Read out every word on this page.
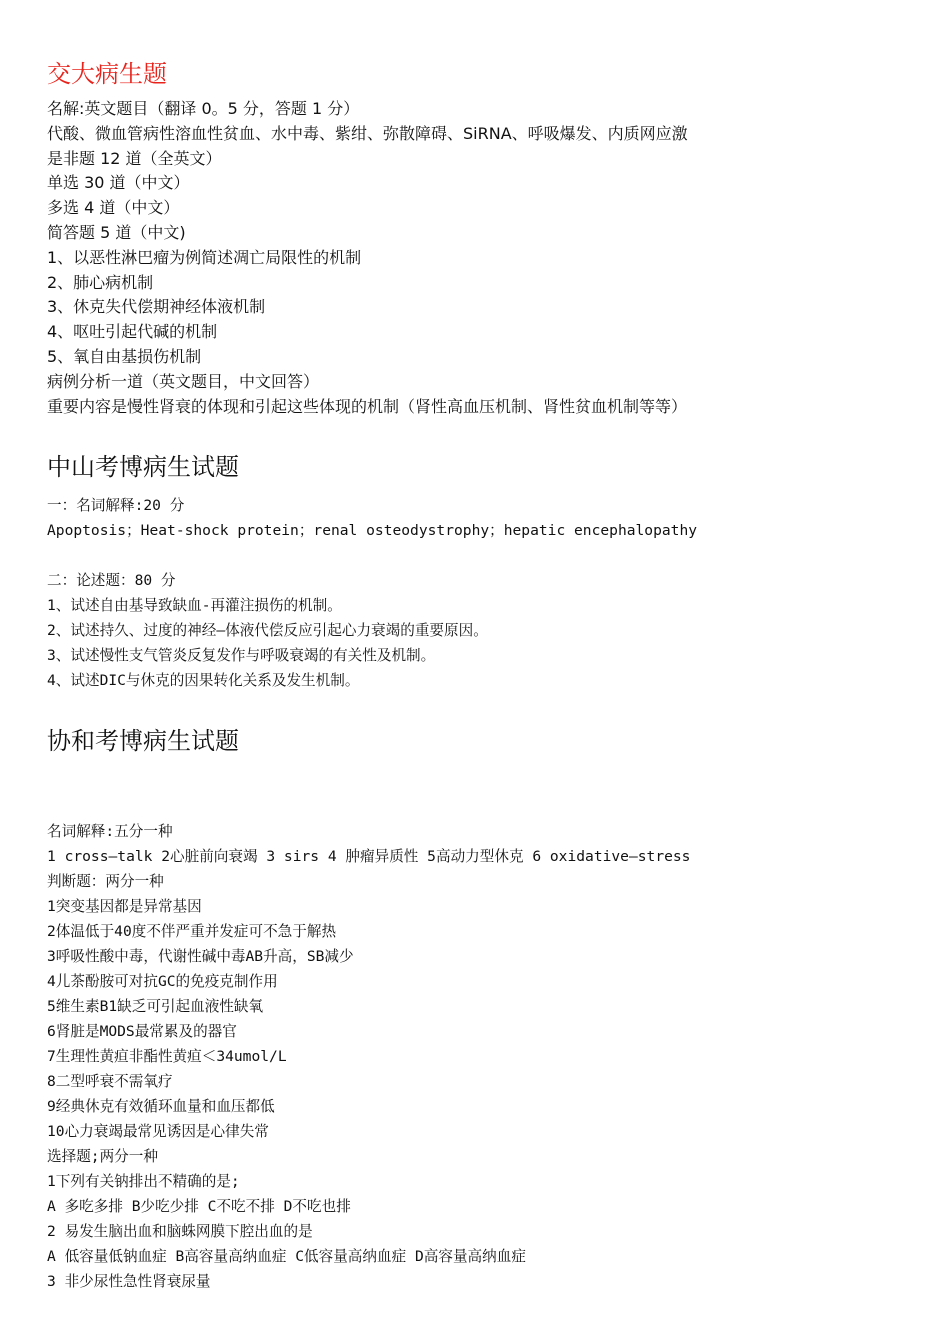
交大病生题
名解:英文题目（翻译 0。5 分，答题 1 分）
代酸、微血管病性溶血性贫血、水中毒、紫绀、弥散障碍、SiRNA、呼吸爆发、内质网应激
是非题 12 道（全英文）
单选 30 道（中文）
多选 4 道（中文）
简答题 5 道（中文)
1、以恶性淋巴瘤为例简述凋亡局限性的机制
2、肺心病机制
3、休克失代偿期神经体液机制
4、呕吐引起代碱的机制
5、氧自由基损伤机制
病例分析一道（英文题目，中文回答）
重要内容是慢性肾衰的体现和引起这些体现的机制（肾性高血压机制、肾性贫血机制等等）
中山考博病生试题
一：名词解释:20 分
Apoptosis；Heat-shock protein；renal osteodystrophy；hepatic encephalopathy
二：论述题：80 分
1、试述自由基导致缺血-再灌注损伤的机制。
2、试述持久、过度的神经—体液代偿反应引起心力衰竭的重要原因。
3、试述慢性支气管炎反复发作与呼吸衰竭的有关性及机制。
4、试述DIC与休克的因果转化关系及发生机制。
协和考博病生试题
名词解释:五分一种
1 cross—talk 2心脏前向衰竭 3 sirs 4 肿瘤异质性 5高动力型休克 6 oxidative—stress
判断题：两分一种
1突变基因都是异常基因
2体温低于40度不伴严重并发症可不急于解热
3呼吸性酸中毒，代谢性碱中毒AB升高，SB减少
4儿茶酚胺可对抗GC的免疫克制作用
5维生素B1缺乏可引起血液性缺氧
6肾脏是MODS最常累及的器官
7生理性黄疸非酯性黄疸＜34umol/L
8二型呼衰不需氧疗
9经典休克有效循环血量和血压都低
10心力衰竭最常见诱因是心律失常
选择题;两分一种
1下列有关钠排出不精确的是;
A 多吃多排 B少吃少排 C不吃不排 D不吃也排
2 易发生脑出血和脑蛛网膜下腔出血的是
A 低容量低钠血症 B高容量高纳血症 C低容量高纳血症 D高容量高纳血症
3 非少尿性急性肾衰尿量
